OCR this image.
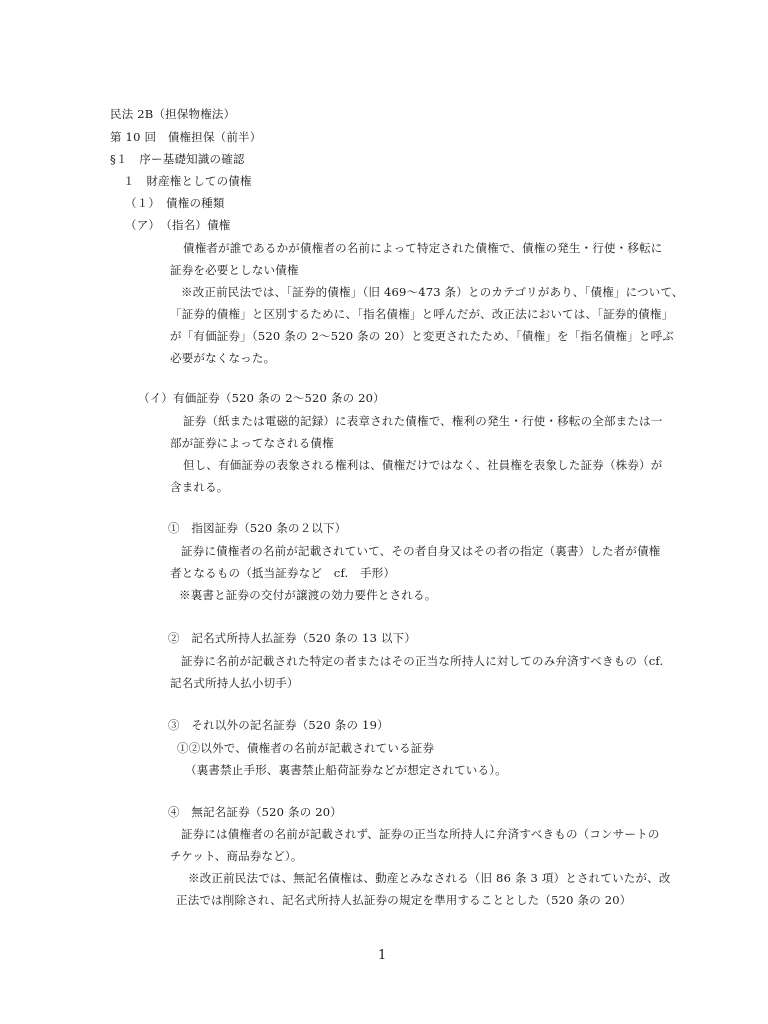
民法 2B（担保物権法）
第 10 回　債権担保（前半）
§１　序ー基礎知識の確認
１　財産権としての債権
（１）　債権の種類
（ア）　（指名）債権
債権者が誰であるかが債権者の名前によって特定された債権で、債権の発生・行使・移転に
証券を必要としない債権
※改正前民法では、「証券的債権」（旧 469〜473 条）とのカテゴリがあり、「債権」について、
「証券的債権」と区別するために、「指名債権」と呼んだが、改正法においては、「証券的債権」
が「有価証券」（520 条の 2〜520 条の 20）と変更されたため、「債権」を「指名債権」と呼ぶ
必要がなくなった。
（イ）有価証券（520 条の 2〜520 条の 20）
証券（紙または電磁的記録）に表章された債権で、権利の発生・行使・移転の全部または一
部が証券によってなされる債権
但し、有価証券の表象される権利は、債権だけではなく、社員権を表象した証券（株券）が
含まれる。
①　指図証券（520 条の２以下）
証券に債権者の名前が記載されていて、その者自身又はその者の指定（裏書）した者が債権
者となるもの（抵当証券など　cf.　手形）
※裏書と証券の交付が譲渡の効力要件とされる。
②　記名式所持人払証券（520 条の 13 以下）
証券に名前が記載された特定の者またはその正当な所持人に対してのみ弁済すべきもの（cf.
記名式所持人払小切手）
③　それ以外の記名証券（520 条の 19）
①②以外で、債権者の名前が記載されている証券
（裏書禁止手形、裏書禁止船荷証券などが想定されている）。
④　無記名証券（520 条の 20）
証券には債権者の名前が記載されず、証券の正当な所持人に弁済すべきもの（コンサートの
チケット、商品券など）。
※改正前民法では、無記名債権は、動産とみなされる（旧 86 条 3 項）とされていたが、改
正法では削除され、記名式所持人払証券の規定を準用することとした（520 条の 20）
1
